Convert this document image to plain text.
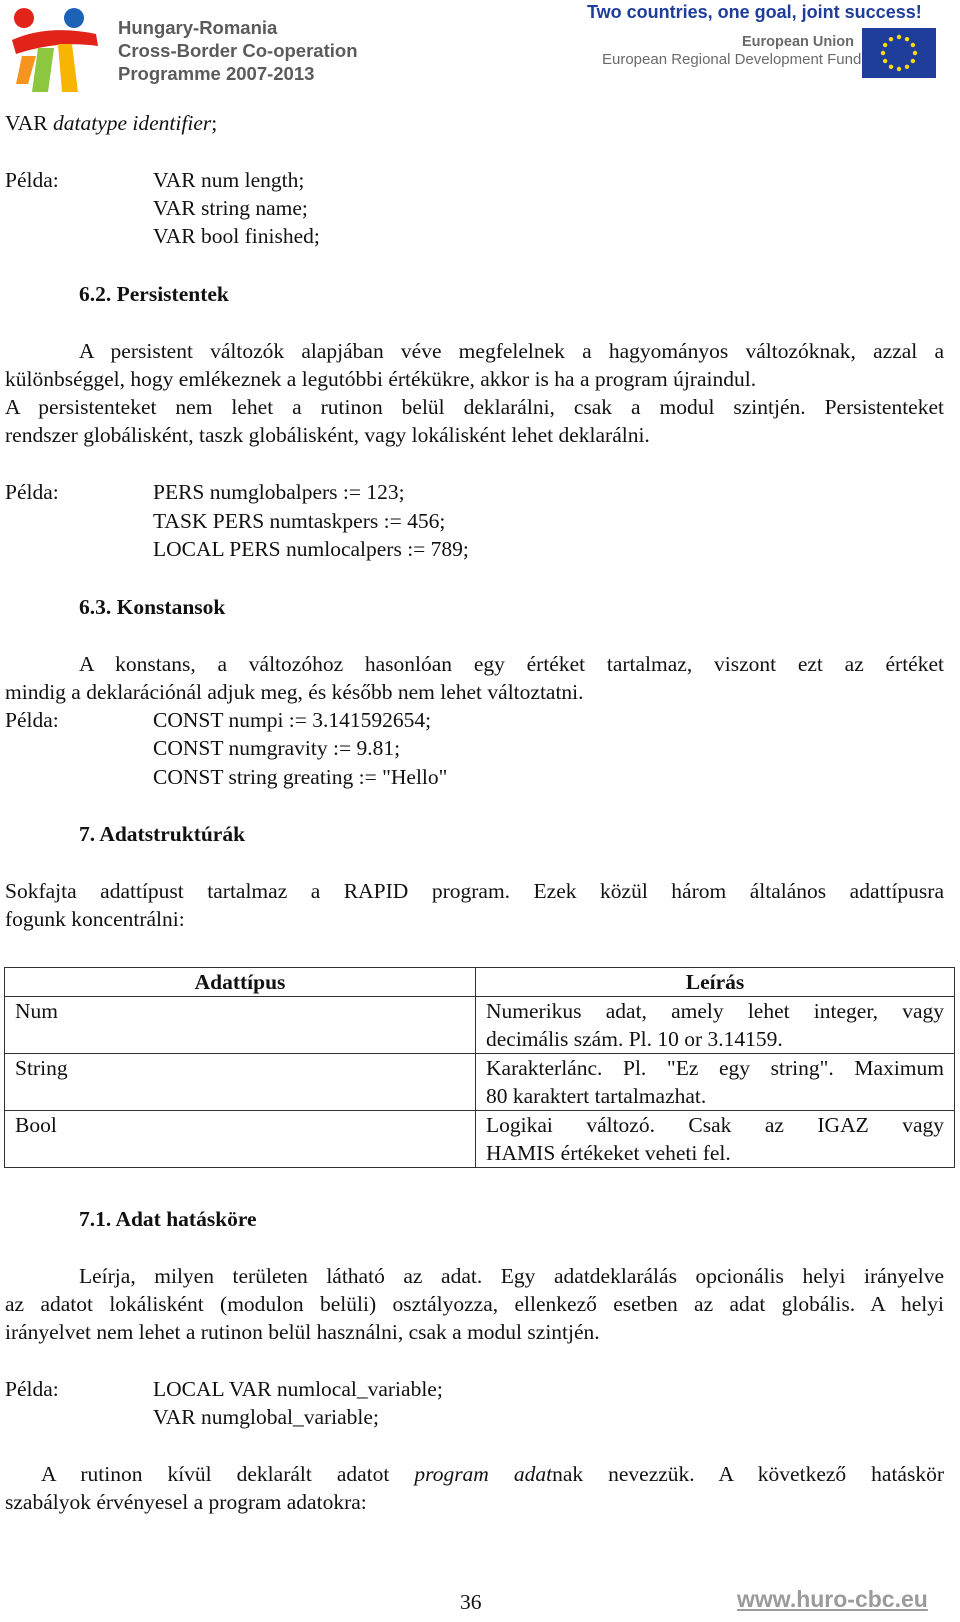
Hungary-Romania
Cross-Border Co-operation
Programme 2007-2013
Two countries, one goal, joint success!
European Union
European Regional Development Fund
VAR datatype identifier;
Példa:	VAR num length;
VAR string name;
VAR bool finished;
6.2. Persistentek
A persistent változók alapjában véve megfelelnek a hagyományos változóknak, azzal a
különbséggel, hogy emlékeznek a legutóbbi értékükre, akkor is ha a program újraindul.
A persistenteket nem lehet a rutinon belül deklarálni, csak a modul szintjén. Persistenteket
rendszer globálisként, taszk globálisként, vagy lokálisként lehet deklarálni.
Példa:	PERS numglobalpers := 123;
TASK PERS numtaskpers := 456;
LOCAL PERS numlocalpers := 789;
6.3. Konstansok
A konstans, a változóhoz hasonlóan egy értéket tartalmaz, viszont ezt az értéket
mindig a deklarációnál adjuk meg, és később nem lehet változtatni.
Példa:	CONST numpi := 3.141592654;
CONST numgravity := 9.81;
CONST string greating := "Hello"
7. Adatstruktúrák
Sokfajta adattípust tartalmaz a RAPID program. Ezek közül három általános adattípusra
fogunk koncentrálni:
Adattípus	Leírás
Num	Numerikus adat, amely lehet integer, vagy
decimális szám. Pl. 10 or 3.14159.

String	Karakterlánc. Pl. "Ez egy string". Maximum
80 karaktert tartalmazhat.

Bool	Logikai változó. Csak az IGAZ vagy
HAMIS értékeket veheti fel.
7.1. Adat hatásköre
Leírja, milyen területen látható az adat. Egy adatdeklarálás opcionális helyi irányelve
az adatot lokálisként (modulon belüli) osztályozza, ellenkező esetben az adat globális. A helyi
irányelvet nem lehet a rutinon belül használni, csak a modul szintjén.
Példa:	LOCAL VAR numlocal_variable;
VAR numglobal_variable;
A rutinon kívül deklarált adatot program adatnak nevezzük. A következő hatáskör
szabályok érvényesel a program adatokra:
36	www.huro-cbc.eu
